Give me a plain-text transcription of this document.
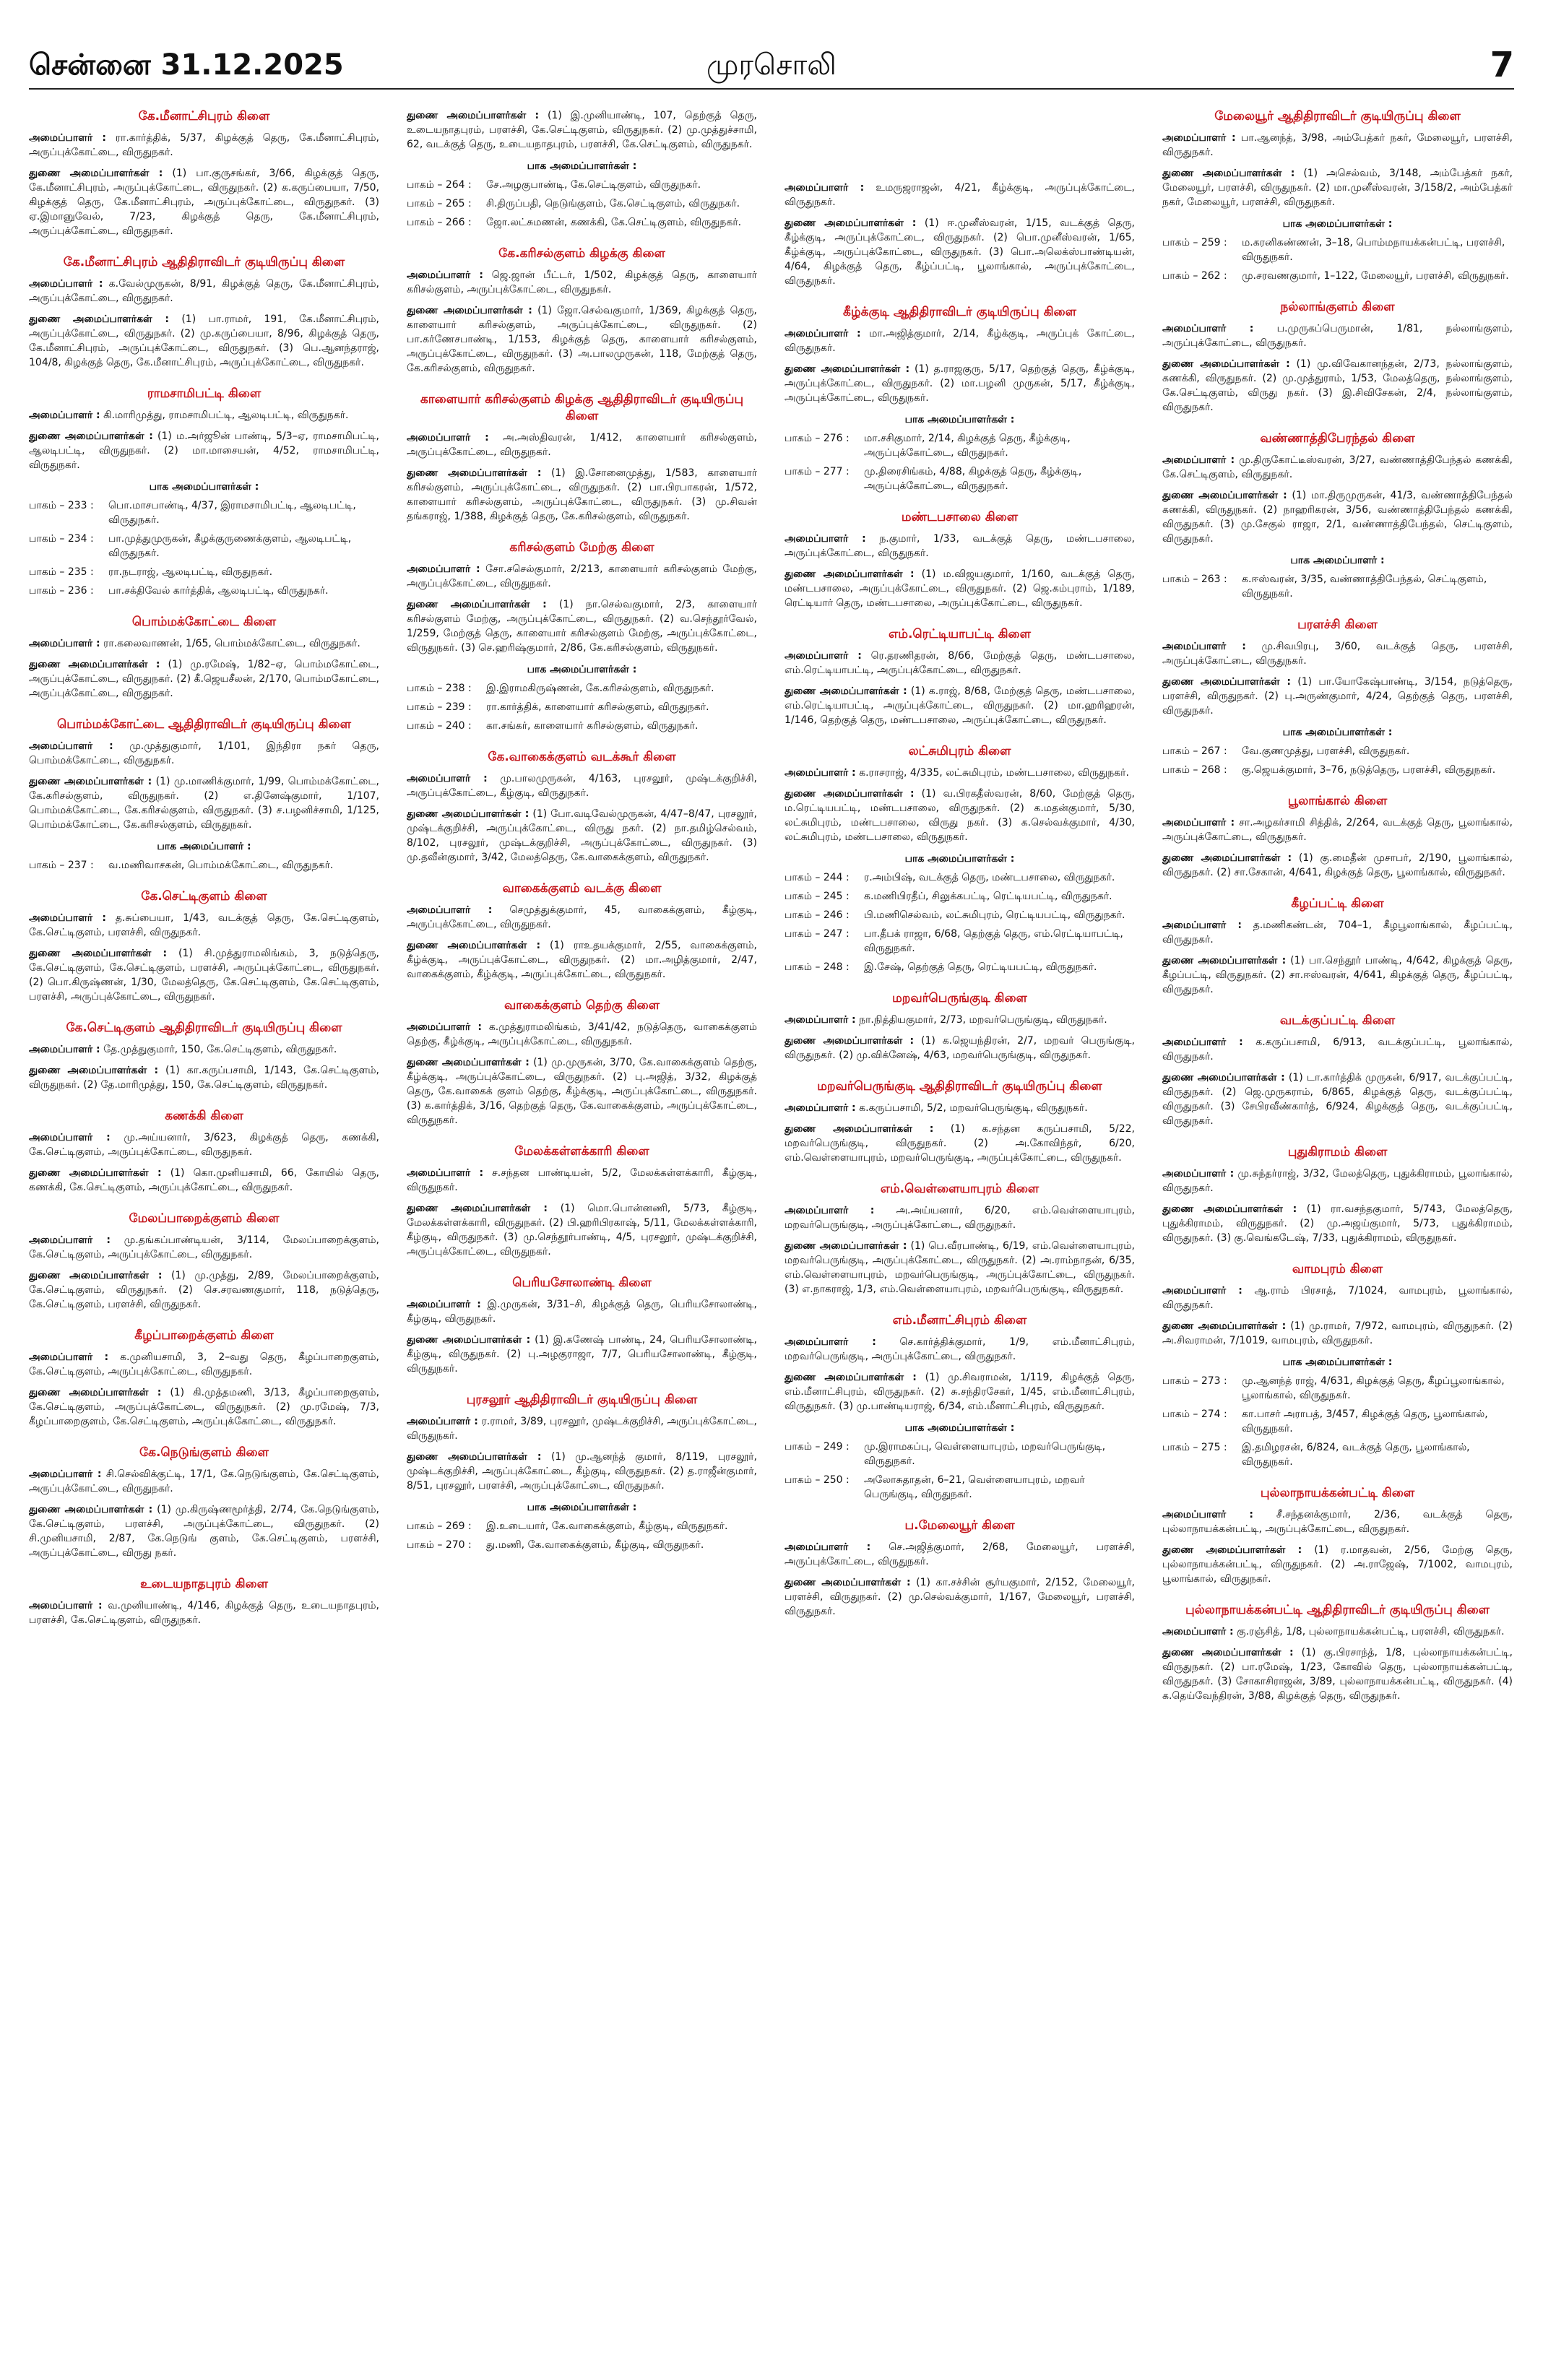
சென்னை 31.12.2025	முரசொலி	7
கே.மீனாட்சிபுரம் கிளை
அமைப்பாளர் : ரா.கார்த்திக், 5/37, கிழக்குத் தெரு, கே.மீனாட்சிபுரம், அருப்புக்கோட்டை, விருதுநகர்.
துணை அமைப்பாளர்கள் : (1) பா.குருசங்கர், 3/66, கிழக்குத் தெரு, கே.மீனாட்சிபுரம், அருப்புக்கோட்டை, விருதுநகர். (2) க.கருப்பையா, 7/50, கிழக்குத் தெரு, கே.மீனாட்சிபுரம், அருப்புக்கோட்டை, விருதுநகர். (3) ஏ.இமானுவேல், 7/23, கிழக்குத் தெரு, கே.மீனாட்சிபுரம், அருப்புக்கோட்டை, விருதுநகர்.
கே.மீனாட்சிபுரம் ஆதிதிராவிடர் குடியிருப்பு கிளை
அமைப்பாளர் : க.வேல்முருகன், 8/91, கிழக்குத் தெரு, கே.மீனாட்சிபுரம், அருப்புக்கோட்டை, விருதுநகர்.
துணை அமைப்பாளர்கள் : (1) பா.ராமர், 191, கே.மீனாட்சிபுரம், அருப்புக்கோட்டை, விருதுநகர். (2) மு.கருப்பையா, 8/96, கிழக்குத் தெரு, கே.மீனாட்சிபுரம், அருப்புக்கோட்டை, விருதுநகர். (3) பெ.ஆனந்தராஜ், 104/8, கிழக்குத் தெரு, கே.மீனாட்சிபுரம், அருப்புக்கோட்டை, விருதுநகர்.
ராமசாமிபட்டி கிளை
அமைப்பாளர் : கி.மாரிமுத்து, ராமசாமிபட்டி, ஆலடிபட்டி, விருதுநகர்.
துணை அமைப்பாளர்கள் : (1) ம.அர்ஜூன் பாண்டி, 5/3–ஏ, ராமசாமிபட்டி, ஆலடிபட்டி, விருதுநகர். (2) மா.மாசையன், 4/52, ராமசாமிபட்டி, விருதுநகர்.
பாக அமைப்பாளர்கள் :
பாகம் – 233 :	பொ.மாசபாண்டி, 4/37, இராமசாமிபட்டி, ஆலடிபட்டி, விருதுநகர்.
பாகம் – 234 :	பா.முத்துமுருகன், கீழக்குருணைக்குளம், ஆலடிபட்டி, விருதுநகர்.
பாகம் – 235 :	ரா.நடராஜ், ஆலடிபட்டி, விருதுநகர்.
பாகம் – 236 :	பா.சக்திவேல் கார்த்திக், ஆலடிபட்டி, விருதுநகர்.
பொம்மக்கோட்டை கிளை
அமைப்பாளர் : ரா.கலைவாணன், 1/65, பொம்மக்கோட்டை, விருதுநகர்.
துணை அமைப்பாளர்கள் : (1) மு.ரமேஷ், 1/82–ஏ, பொம்மகோட்டை, அருப்புக்கோட்டை, விருதுநகர். (2) கீ.ஜெயசீலன், 2/170, பொம்மகோட்டை, அருப்புக்கோட்டை, விருதுநகர்.
பொம்மக்கோட்டை ஆதிதிராவிடர் குடியிருப்பு கிளை
அமைப்பாளர் : மு.முத்துகுமார், 1/101, இந்திரா நகர் தெரு, பொம்மக்கோட்டை, விருதுநகர்.
துணை அமைப்பாளர்கள் : (1) மு.மாணிக்குமார், 1/99, பொம்மக்கோட்டை, கே.கரிசல்குளம், விருதுநகர். (2) எ.தினேஷ்குமார், 1/107, பொம்மக்கோட்டை, கே.கரிசல்குளம், விருதுநகர். (3) ச.பழனிச்சாமி, 1/125, பொம்மக்கோட்டை, கே.கரிசல்குளம், விருதுநகர்.
பாக அமைப்பாளர் :
பாகம் – 237 :	வ.மணிவாசகன், பொம்மக்கோட்டை, விருதுநகர்.
கே.செட்டிகுளம் கிளை
அமைப்பாளர் : த.சுப்பையா, 1/43, வடக்குத் தெரு, கே.செட்டிகுளம், கே.செட்டிகுளம், பரளச்சி, விருதுநகர்.
துணை அமைப்பாளர்கள் : (1) சி.முத்துராமலிங்கம், 3, நடுத்தெரு, கே.செட்டிகுளம், கே.செட்டிகுளம், பரளச்சி, அருப்புக்கோட்டை, விருதுநகர். (2) பொ.கிருஷ்ணன், 1/30, மேலத்தெரு, கே.செட்டிகுளம், கே.செட்டிகுளம், பரளச்சி, அருப்புக்கோட்டை, விருதுநகர்.
கே.செட்டிகுளம் ஆதிதிராவிடர் குடியிருப்பு கிளை
அமைப்பாளர் : தே.முத்துகுமார், 150, கே.செட்டிகுளம், விருதுநகர்.
துணை அமைப்பாளர்கள் : (1) கா.கருப்பசாமி, 1/143, கே.செட்டிகுளம், விருதுநகர். (2) தே.மாரிமுத்து, 150, கே.செட்டிகுளம், விருதுநகர்.
கணக்கி கிளை
அமைப்பாளர் : மு.அய்யனார், 3/623, கிழக்குத் தெரு, கணக்கி, கே.செட்டிகுளம், அருப்புக்கோட்டை, விருதுநகர்.
துணை அமைப்பாளர்கள் : (1) கொ.முனியசாமி, 66, கோயில் தெரு, கணக்கி, கே.செட்டிகுளம், அருப்புக்கோட்டை, விருதுநகர்.
மேலப்பாறைக்குளம் கிளை
அமைப்பாளர் : மு.தங்கப்பாண்டியன், 3/114, மேலப்பாறைக்குளம், கே.செட்டிகுளம், அருப்புக்கோட்டை, விருதுநகர்.
துணை அமைப்பாளர்கள் : (1) மு.முத்து, 2/89, மேலப்பாறைக்குளம், கே.செட்டிகுளம், விருதுநகர். (2) செ.சரவணகுமார், 118, நடுத்தெரு, கே.செட்டிகுளம், பரளச்சி, விருதுநகர்.
கீழப்பாறைக்குளம் கிளை
அமைப்பாளர் : க.முனியசாமி, 3, 2–வது தெரு, கீழப்பாறைகுளம், கே.செட்டிகுளம், அருப்புக்கோட்டை, விருதுநகர்.
துணை அமைப்பாளர்கள் : (1) கி.முத்தமணி, 3/13, கீழப்பாறைகுளம், கே.செட்டிகுளம், அருப்புக்கோட்டை, விருதுநகர். (2) மு.ரமேஷ், 7/3, கீழப்பாறைகுளம், கே.செட்டிகுளம், அருப்புக்கோட்டை, விருதுநகர்.
கே.நெடுங்குளம் கிளை
அமைப்பாளர் : சி.செல்விக்குட்டி, 17/1, கே.நெடுங்குளம், கே.செட்டிகுளம், அருப்புக்கோட்டை, விருதுநகர்.
துணை அமைப்பாளர்கள் : (1) மு.கிருஷ்ணமூர்த்தி, 2/74, கே.நெடுங்குளம், கே.செட்டிகுளம், பரளச்சி, அருப்புக்கோட்டை, விருதுநகர். (2) சி.முனியசாமி, 2/87, கே.நெடுங் குளம், கே.செட்டிகுளம், பரளச்சி, அருப்புக்கோட்டை, விருது நகர்.
உடையநாதபுரம் கிளை
அமைப்பாளர் : வ.முனியாண்டி, 4/146, கிழக்குத் தெரு, உடையநாதபுரம், பரளச்சி, கே.செட்டிகுளம், விருதுநகர்.
துணை அமைப்பாளர்கள் : (1) இ.முனியாண்டி, 107, தெற்குத் தெரு, உடையநாதபுரம், பரளச்சி, கே.செட்டிகுளம், விருதுநகர். (2) மு.முத்துச்சாமி, 62, வடக்குத் தெரு, உடையநாதபுரம், பரளச்சி, கே.செட்டிகுளம், விருதுநகர்.
பாக அமைப்பாளர்கள் :
பாகம் – 264 :	சே.அழகுபாண்டி, கே.செட்டிகுளம், விருதுநகர்.
பாகம் – 265 :	சி.திருப்பதி, நெடுங்குளம், கே.செட்டிகுளம், விருதுநகர்.
பாகம் – 266 :	ஜோ.லட்சுமணன், கணக்கி, கே.செட்டிகுளம், விருதுநகர்.
கே.கரிசல்குளம் கிழக்கு கிளை
அமைப்பாளர் : ஜெ.ஜான் பீட்டர், 1/502, கிழக்குத் தெரு, காளையார் கரிசல்குளம், அருப்புக்கோட்டை, விருதுநகர்.
துணை அமைப்பாளர்கள் : (1) ஜோ.செல்வகுமார், 1/369, கிழக்குத் தெரு, காளையார் கரிசல்குளம், அருப்புக்கோட்டை, விருதுநகர். (2) பா.கர்ணேசபாண்டி, 1/153, கிழக்குத் தெரு, காளையார் கரிசல்குளம், அருப்புக்கோட்டை, விருதுநகர். (3) அ.பாலமுருகன், 118, மேற்குத் தெரு, கே.கரிசல்குளம், விருதுநகர்.
காளையார் கரிசல்குளம் கிழக்கு ஆதிதிராவிடர் குடியிருப்பு கிளை
அமைப்பாளர் : அ.அஸ்திவரன், 1/412, காளையார் கரிசல்குளம், அருப்புக்கோட்டை, விருதுநகர்.
துணை அமைப்பாளர்கள் : (1) இ.சோனைமுத்து, 1/583, காளையார் கரிசல்குளம், அருப்புக்கோட்டை, விருதுநகர். (2) பா.பிரபாகரன், 1/572, காளையார் கரிசல்குளம், அருப்புக்கோட்டை, விருதுநகர். (3) மு.சிவன் தங்கராஜ், 1/388, கிழக்குத் தெரு, கே.கரிசல்குளம், விருதுநகர்.
கரிசல்குளம் மேற்கு கிளை
அமைப்பாளர் : சோ.சசெல்குமார், 2/213, காளையார் கரிசல்குளம் மேற்கு, அருப்புக்கோட்டை, விருதுநகர்.
துணை அமைப்பாளர்கள் : (1) நா.செல்வகுமார், 2/3, காளையார் கரிசல்குளம் மேற்கு, அருப்புக்கோட்டை, விருதுநகர். (2) வ.செந்தூர்வேல், 1/259, மேற்குத் தெரு, காளையார் கரிசல்குளம் மேற்கு, அருப்புக்கோட்டை, விருதுநகர். (3) செ.ஹரிஷ்குமார், 2/86, கே.கரிசல்குளம், விருதுநகர்.
பாக அமைப்பாளர்கள் :
பாகம் – 238 :	இ.இராமகிருஷ்ணன், கே.கரிசல்குளம், விருதுநகர்.
பாகம் – 239 :	ரா.கார்த்திக், காளையார் கரிசல்குளம், விருதுநகர்.
பாகம் – 240 :	கா.சங்கர், காளையார் கரிசல்குளம், விருதுநகர்.
கே.வாகைக்குளம் வடக்கூர் கிளை
அமைப்பாளர் : மு.பாலமுருகன், 4/163, புரசலூர், முஷ்டக்குறிச்சி, அருப்புக்கோட்டை, கீழ்குடி, விருதுநகர்.
துணை அமைப்பாளர்கள் : (1) போ.வடிவேல்முருகன், 4/47–8/47, புரசலூர், முஷ்டக்குறிச்சி, அருப்புக்கோட்டை, விருது நகர். (2) நா.தமிழ்செல்வம், 8/102, புரசலூர், முஷ்டக்குறிச்சி, அருப்புக்கோட்டை, விருதுநகர். (3) மு.தவீன்குமார், 3/42, மேலத்தெரு, கே.வாகைக்குளம், விருதுநகர்.
வாகைக்குளம் வடக்கு கிளை
அமைப்பாளர் : செமுத்துக்குமார், 45, வாகைக்குளம், கீழ்குடி, அருப்புக்கோட்டை, விருதுநகர்.
துணை அமைப்பாளர்கள் : (1) ராஉதயக்குமார், 2/55, வாகைக்குளம், கீழ்க்குடி, அருப்புக்கோட்டை, விருதுநகர். (2) மா.அழித்குமார், 2/47, வாகைக்குளம், கீழ்க்குடி, அருப்புக்கோட்டை, விருதுநகர்.
வாகைக்குளம் தெற்கு கிளை
அமைப்பாளர் : க.முத்துராமலிங்கம், 3/41/42, நடுத்தெரு, வாகைக்குளம் தெற்கு, கீழ்க்குடி, அருப்புக்கோட்டை, விருதுநகர்.
துணை அமைப்பாளர்கள் : (1) மு.முருகன், 3/70, கே.வாகைக்குளம் தெற்கு, கீழ்க்குடி, அருப்புக்கோட்டை, விருதுநகர். (2) பு.அஜித், 3/32, கிழக்குத் தெரு, கே.வாகைக் குளம் தெற்கு, கீழ்க்குடி, அருப்புக்கோட்டை, விருதுநகர். (3) க.கார்த்திக், 3/16, தெற்குத் தெரு, கே.வாகைக்குளம், அருப்புக்கோட்டை, விருதுநகர்.
மேலக்கள்ளக்காரி கிளை
அமைப்பாளர் : ச.சந்தன பாண்டியன், 5/2, மேலக்கள்ளக்காரி, கீழ்குடி, விருதுநகர்.
துணை அமைப்பாளர்கள் : (1) மொ.பொன்னணி, 5/73, கீழ்குடி, மேலக்கள்ளக்காரி, விருதுநகர். (2) பி.ஹரிபிரகாஷ், 5/11, மேலக்கள்ளக்காரி, கீழ்குடி, விருதுநகர். (3) மு.செந்தூர்பாண்டி, 4/5, புரசலூர், முஷ்டக்குறிச்சி, அருப்புக்கோட்டை, விருதுநகர்.
பெரியசோலாண்டி கிளை
அமைப்பாளர் : இ.முருகன், 3/31–சி, கிழக்குத் தெரு, பெரியசோலாண்டி, கீழ்குடி, விருதுநகர்.
துணை அமைப்பாளர்கள் : (1) இ.கணேஷ் பாண்டி, 24, பெரியசோலாண்டி, கீழ்குடி, விருதுநகர். (2) பு.அழகுராஜா, 7/7, பெரியசோலாண்டி, கீழ்குடி, விருதுநகர்.
புரசலூர் ஆதிதிராவிடர் குடியிருப்பு கிளை
அமைப்பாளர் : ர.ராமர், 3/89, புரசலூர், முஷ்டக்குறிச்சி, அருப்புக்கோட்டை, விருதுநகர்.
துணை அமைப்பாளர்கள் : (1) மு.ஆனந்த் குமார், 8/119, புரசலூர், முஷ்டக்குறிச்சி, அருப்புக்கோட்டை, கீழ்குடி, விருதுநகர். (2) த.ராஜீன்குமார், 8/51, புரசலூர், பரளச்சி, அருப்புக்கோட்டை, விருதுநகர்.
பாக அமைப்பாளர்கள் :
பாகம் – 269 :	இ.உடையார், கே.வாகைக்குளம், கீழ்குடி, விருதுநகர்.
பாகம் – 270 :	து.மணி, கே.வாகைக்குளம், கீழ்குடி, விருதுநகர்.
அமைப்பாளர் : உமருஜராஜன், 4/21, கீழ்க்குடி, அருப்புக்கோட்டை, விருதுநகர்.
துணை அமைப்பாளர்கள் : (1) ஈ.முனீஸ்வரன், 1/15, வடக்குத் தெரு, கீழ்க்குடி, அருப்புக்கோட்டை, விருதுநகர். (2) பொ.முனீஸ்வரன், 1/65, கீழ்க்குடி, அருப்புக்கோட்டை, விருதுநகர். (3) பொ.அலெக்ஸ்பாண்டியன், 4/64, கிழக்குத் தெரு, கீழ்ப்பட்டி, பூலாங்கால், அருப்புக்கோட்டை, விருதுநகர்.
கீழ்க்குடி ஆதிதிராவிடர் குடியிருப்பு கிளை
அமைப்பாளர் : மா.அஜித்குமார், 2/14, கீழ்க்குடி, அருப்புக் கோட்டை, விருதுநகர்.
துணை அமைப்பாளர்கள் : (1) த.ராஜகுரு, 5/17, தெற்குத் தெரு, கீழ்க்குடி, அருப்புக்கோட்டை, விருதுநகர். (2) மா.பழனி முருகன், 5/17, கீழ்க்குடி, அருப்புக்கோட்டை, விருதுநகர்.
பாக அமைப்பாளர்கள் :
பாகம் – 276 :	மா.சசிகுமார், 2/14, கிழக்குத் தெரு, கீழ்க்குடி, அருப்புக்கோட்டை, விருதுநகர்.
பாகம் – 277 :	மு.திரைசிங்கம், 4/88, கிழக்குத் தெரு, கீழ்க்குடி, அருப்புக்கோட்டை, விருதுநகர்.
மண்டபசாலை கிளை
அமைப்பாளர் : ந.குமார், 1/33, வடக்குத் தெரு, மண்டபசாலை, அருப்புக்கோட்டை, விருதுநகர்.
துணை அமைப்பாளர்கள் : (1) ம.விஜயகுமார், 1/160, வடக்குத் தெரு, மண்டபசாலை, அருப்புக்கோட்டை, விருதுநகர். (2) ஜெ.கம்புராம், 1/189, ரெட்டியார் தெரு, மண்டபசாலை, அருப்புக்கோட்டை, விருதுநகர்.
எம்.ரெட்டியாபட்டி கிளை
அமைப்பாளர் : ரெ.தரணிதரன், 8/66, மேற்குத் தெரு, மண்டபசாலை, எம்.ரெட்டியாபட்டி, அருப்புக்கோட்டை, விருதுநகர்.
துணை அமைப்பாளர்கள் : (1) க.ராஜ், 8/68, மேற்குத் தெரு, மண்டபசாலை, எம்.ரெட்டியாபட்டி, அருப்புக்கோட்டை, விருதுநகர். (2) மா.ஹரிஹரன், 1/146, தெற்குத் தெரு, மண்டபசாலை, அருப்புக்கோட்டை, விருதுநகர்.
லட்சுமிபுரம் கிளை
அமைப்பாளர் : க.ராசராஜ், 4/335, லட்சுமிபுரம், மண்டபசாலை, விருதுநகர்.
துணை அமைப்பாளர்கள் : (1) வ.பிரகதீஸ்வரன், 8/60, மேற்குத் தெரு, ம.ரெட்டியபட்டி, மண்டபசாலை, விருதுநகர். (2) க.மதன்குமார், 5/30, லட்சுமிபுரம், மண்டபசாலை, விருது நகர். (3) க.செல்வக்குமார், 4/30, லட்சுமிபுரம், மண்டபசாலை, விருதுநகர்.
பாக அமைப்பாளர்கள் :
பாகம் – 244 :	ர.அம்பிஷ், வடக்குத் தெரு, மண்டபசாலை, விருதுநகர்.
பாகம் – 245 :	க.மணிபிரதீப், சிலுக்கபட்டி, ரெட்டியபட்டி, விருதுநகர்.
பாகம் – 246 :	பி.மணிசெல்வம், லட்சுமிபுரம், ரெட்டியபட்டி, விருதுநகர்.
பாகம் – 247 :	பா.தீபக் ராஜா, 6/68, தெற்குத் தெரு, எம்.ரெட்டியாபட்டி, விருதுநகர்.
பாகம் – 248 :	இ.சேஷ், தெற்குத் தெரு, ரெட்டியபட்டி, விருதுநகர்.
மறவர்பெருங்குடி கிளை
அமைப்பாளர் : நா.நித்தியகுமார், 2/73, மறவர்பெருங்குடி, விருதுநகர்.
துணை அமைப்பாளர்கள் : (1) க.ஜெயந்திரன், 2/7, மறவர் பெருங்குடி, விருதுநகர். (2) மு.விக்னேஷ், 4/63, மறவர்பெருங்குடி, விருதுநகர்.
மறவர்பெருங்குடி ஆதிதிராவிடர் குடியிருப்பு கிளை
அமைப்பாளர் : க.கருப்பசாமி, 5/2, மறவர்பெருங்குடி, விருதுநகர்.
துணை அமைப்பாளர்கள் : (1) க.சந்தன கருப்பசாமி, 5/22, மறவர்பெருங்குடி, விருதுநகர். (2) அ.கோவிந்தர், 6/20, எம்.வெள்ளையாபுரம், மறவர்பெருங்குடி, அருப்புக்கோட்டை, விருதுநகர்.
எம்.வெள்ளையாபுரம் கிளை
அமைப்பாளர் : அ.அய்யனார், 6/20, எம்.வெள்ளையாபுரம், மறவர்பெருங்குடி, அருப்புக்கோட்டை, விருதுநகர்.
துணை அமைப்பாளர்கள் : (1) பெ.வீரபாண்டி, 6/19, எம்.வெள்ளையாபுரம், மறவர்பெருங்குடி, அருப்புக்கோட்டை, விருதுநகர். (2) அ.ராம்நாதன், 6/35, எம்.வெள்ளையாபுரம், மறவர்பெருங்குடி, அருப்புக்கோட்டை, விருதுநகர். (3) எ.நாகராஜ், 1/3, எம்.வெள்ளையாபுரம், மறவர்பெருங்குடி, விருதுநகர்.
எம்.மீனாட்சிபுரம் கிளை
அமைப்பாளர் : செ.கார்த்திக்குமார், 1/9, எம்.மீனாட்சிபுரம், மறவர்பெருங்குடி, அருப்புக்கோட்டை, விருதுநகர்.
துணை அமைப்பாளர்கள் : (1) மு.சிவராமன், 1/119, கிழக்குத் தெரு, எம்.மீனாட்சிபுரம், விருதுநகர். (2) சு.சந்திரசேகர், 1/45, எம்.மீனாட்சிபுரம், விருதுநகர். (3) மு.பாண்டியராஜ், 6/34, எம்.மீனாட்சிபுரம், விருதுநகர்.
பாக அமைப்பாளர்கள் :
பாகம் – 249 :	மு.இராமகப்பு, வெள்ளையாபுரம், மறவர்பெருங்குடி, விருதுநகர்.
பாகம் – 250 :	அலோசுதாதன், 6–21, வெள்ளையாபுரம், மறவர் பெருங்குடி, விருதுநகர்.
ப.மேலையூர் கிளை
அமைப்பாளர் : செ.அஜித்குமார், 2/68, மேலையூர், பரளச்சி, அருப்புக்கோட்டை, விருதுநகர்.
துணை அமைப்பாளர்கள் : (1) கா.சச்சின் சூர்யகுமார், 2/152, மேலையூர், பரளச்சி, விருதுநகர். (2) மு.செல்வக்குமார், 1/167, மேலையூர், பரளச்சி, விருதுநகர்.
மேலையூர் ஆதிதிராவிடர் குடியிருப்பு கிளை
அமைப்பாளர் : பா.ஆனந்த், 3/98, அம்பேத்கர் நகர், மேலையூர், பரளச்சி, விருதுநகர்.
துணை அமைப்பாளர்கள் : (1) அசெல்வம், 3/148, அம்பேத்கர் நகர், மேலையூர், பரளச்சி, விருதுநகர். (2) மா.முனீஸ்வரன், 3/158/2, அம்பேத்கர் நகர், மேலையூர், பரளச்சி, விருதுநகர்.
பாக அமைப்பாளர்கள் :
பாகம் – 259 :	ம.கரனிகண்ணன், 3–18, பொம்மநாயக்கன்பட்டி, பரளச்சி, விருதுநகர்.
பாகம் – 262 :	மு.சரவணகுமார், 1–122, மேலையூர், பரளச்சி, விருதுநகர்.
நல்லாங்குளம் கிளை
அமைப்பாளர் : ப.முருகப்பெருமான், 1/81, நல்லாங்குளம், அருப்புக்கோட்டை, விருதுநகர்.
துணை அமைப்பாளர்கள் : (1) மு.விவேகானந்தன், 2/73, நல்லாங்குளம், கணக்கி, விருதுநகர். (2) மு.முத்துராம், 1/53, மேலத்தெரு, நல்லாங்குளம், கே.செட்டிகுளம், விருது நகர். (3) இ.சிவிசேகன், 2/4, நல்லாங்குளம், விருதுநகர்.
வண்ணாத்திபேரந்தல் கிளை
அமைப்பாளர் : மு.திருகோட்டீஸ்வரன், 3/27, வண்ணாத்திபேந்தல் கணக்கி, கே.செட்டிகுளம், விருதுநகர்.
துணை அமைப்பாளர்கள் : (1) மா.திருமுருகன், 41/3, வண்ணாத்திபேந்தல் கணக்கி, விருதுநகர். (2) நாஹரிகரன், 3/56, வண்ணாத்திபேந்தல் கணக்கி, விருதுநகர். (3) மு.சேகுல் ராஜா, 2/1, வண்ணாத்திபேந்தல், செட்டிகுளம், விருதுநகர்.
பாக அமைப்பாளர் :
பாகம் – 263 :	க.ஈஸ்வரன், 3/35, வண்ணாத்திபேந்தல், செட்டிகுளம், விருதுநகர்.
பரளச்சி கிளை
அமைப்பாளர் : மு.சிவபிரபு, 3/60, வடக்குத் தெரு, பரளச்சி, அருப்புக்கோட்டை, விருதுநகர்.
துணை அமைப்பாளர்கள் : (1) பா.யோகேஷ்பாண்டி, 3/154, நடுத்தெரு, பரளச்சி, விருதுநகர். (2) பு.அருண்குமார், 4/24, தெற்குத் தெரு, பரளச்சி, விருதுநகர்.
பாக அமைப்பாளர்கள் :
பாகம் – 267 :	வே.குணமுத்து, பரளச்சி, விருதுநகர்.
பாகம் – 268 :	கு.ஜெயக்குமார், 3–76, நடுத்தெரு, பரளச்சி, விருதுநகர்.
பூலாங்கால் கிளை
அமைப்பாளர் : சா.அழகர்சாமி சித்திக், 2/264, வடக்குத் தெரு, பூலாங்கால், அருப்புக்கோட்டை, விருதுநகர்.
துணை அமைப்பாளர்கள் : (1) கு.மைதீன் முசாபர், 2/190, பூலாங்கால், விருதுநகர். (2) சா.சேகான், 4/641, கிழக்குத் தெரு, பூலாங்கால், விருதுநகர்.
கீழப்பட்டி கிளை
அமைப்பாளர் : த.மணிகண்டன், 704–1, கீழபூலாங்கால், கீழப்பட்டி, விருதுநகர்.
துணை அமைப்பாளர்கள் : (1) பா.செந்தூர் பாண்டி, 4/642, கிழக்குத் தெரு, கீழப்பட்டி, விருதுநகர். (2) சா.ஈஸ்வரன், 4/641, கிழக்குத் தெரு, கீழப்பட்டி, விருதுநகர்.
வடக்குப்பட்டி கிளை
அமைப்பாளர் : க.கருப்பசாமி, 6/913, வடக்குப்பட்டி, பூலாங்கால், விருதுநகர்.
துணை அமைப்பாளர்கள் : (1) டா.கார்த்திக் முருகன், 6/917, வடக்குப்பட்டி, விருதுநகர். (2) ஜெ.முருகராம், 6/865, கிழக்குத் தெரு, வடக்குப்பட்டி, விருதுநகர். (3) சேபிரவீண்கார்த், 6/924, கிழக்குத் தெரு, வடக்குப்பட்டி, விருதுநகர்.
புதுகிராமம் கிளை
அமைப்பாளர் : மு.சுந்தர்ராஜ், 3/32, மேலத்தெரு, புதுக்கிராமம், பூலாங்கால், விருதுநகர்.
துணை அமைப்பாளர்கள் : (1) ரா.வசந்தகுமார், 5/743, மேலத்தெரு, புதுக்கிராமம், விருதுநகர். (2) மு.அஜய்குமார், 5/73, புதுக்கிராமம், விருதுநகர். (3) கு.வெங்கடேஷ், 7/33, புதுக்கிராமம், விருதுநகர்.
வாமபுரம் கிளை
அமைப்பாளர் : ஆ.ராம் பிரசாத், 7/1024, வாமபுரம், பூலாங்கால், விருதுநகர்.
துணை அமைப்பாளர்கள் : (1) மு.ராமர், 7/972, வாமபுரம், விருதுநகர். (2) அ.சிவராமன், 7/1019, வாமபுரம், விருதுநகர்.
பாக அமைப்பாளர்கள் :
பாகம் – 273 :	மு.ஆனந்த் ராஜ், 4/631, கிழக்குத் தெரு, கீழப்பூலாங்கால், பூலாங்கால், விருதுநகர்.
பாகம் – 274 :	கா.பாசர் அராபத், 3/457, கிழக்குத் தெரு, பூலாங்கால், விருதுநகர்.
பாகம் – 275 :	இ.தமிழரசன், 6/824, வடக்குத் தெரு, பூலாங்கால், விருதுநகர்.
புல்லாநாயக்கன்பட்டி கிளை
அமைப்பாளர் : சீ.சந்தனக்குமார், 2/36, வடக்குத் தெரு, புல்லாநாயக்கன்பட்டி, அருப்புக்கோட்டை, விருதுநகர்.
துணை அமைப்பாளர்கள் : (1) ர.மாதவன், 2/56, மேற்கு தெரு, புல்லாநாயக்கன்பட்டி, விருதுநகர். (2) அ.ராஜேஷ், 7/1002, வாமபுரம், பூலாங்கால், விருதுநகர்.
புல்லாநாயக்கன்பட்டி ஆதிதிராவிடர் குடியிருப்பு கிளை
அமைப்பாளர் : கு.ரஞ்சித், 1/8, புல்லாநாயக்கன்பட்டி, பரளச்சி, விருதுநகர்.
துணை அமைப்பாளர்கள் : (1) கு.பிரசாந்த், 1/8, புல்லாநாயக்கன்பட்டி, விருதுநகர். (2) பா.ரமேஷ், 1/23, கோவில் தெரு, புல்லாநாயக்கன்பட்டி, விருதுநகர். (3) சோகாசிராஜன், 3/89, புல்லாநாயக்கன்பட்டி, விருதுநகர். (4) க.தெய்வேந்திரன், 3/88, கிழக்குத் தெரு, விருதுநகர்.
